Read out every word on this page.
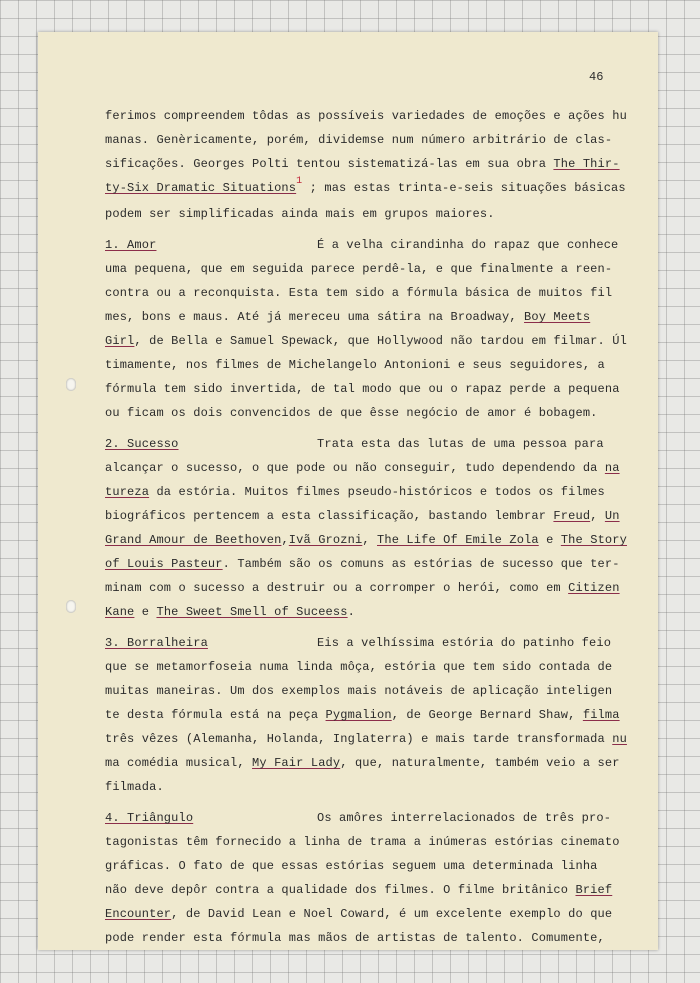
46
ferimos compreendem tôdas as possíveis variedades de emoções e ações hu
manas. Genèricamente, porém, dividemse num número arbitrário de clas-
sificações. Georges Polti tentou sistematizá-las em sua obra The Thir-
ty-Six Dramatic Situations$^1$ ; mas estas trinta-e-seis situações básicas
podem ser simplificadas ainda mais em grupos maiores.
1. Amor	É a velha cirandinha do rapaz que conhece
uma pequena, que em seguida parece perdê-la, e que finalmente a reen-
contra ou a reconquista. Esta tem sido a fórmula básica de muitos fil
mes, bons e maus. Até já mereceu uma sátira na Broadway, Boy Meets
Girl, de Bella e Samuel Spewack, que Hollywood não tardou em filmar. Úl
timamente, nos filmes de Michelangelo Antonioni e seus seguidores, a
fórmula tem sido invertida, de tal modo que ou o rapaz perde a pequena
ou ficam os dois convencidos de que êsse negócio de amor é bobagem.
2. Sucesso	Trata esta das lutas de uma pessoa para
alcançar o sucesso, o que pode ou não conseguir, tudo dependendo da na
tureza da estória. Muitos filmes pseudo-históricos e todos os filmes
biográficos pertencem a esta classificação, bastando lembrar Freud, Un
Grand Amour de Beethoven,Ivã Grozni, The Life Of Emile Zola e The Story
of Louis Pasteur. Também são os comuns as estórias de sucesso que ter-
minam com o sucesso a destruir ou a corromper o herói, como em Citizen
Kane e The Sweet Smell of Suceess.
3. Borralheira	Eis a velhíssima estória do patinho feio
que se metamorfoseia numa linda môça, estória que tem sido contada de
muitas maneiras. Um dos exemplos mais notáveis de aplicação inteligen
te desta fórmula está na peça Pygmalion, de George Bernard Shaw, filma
três vêzes (Alemanha, Holanda, Inglaterra) e mais tarde transformada nu
ma comédia musical, My Fair Lady, que, naturalmente, também veio a ser
filmada.
4. Triângulo	Os amôres interrelacionados de três pro-
tagonistas têm fornecido a linha de trama a inúmeras estórias cinemato
gráficas. O fato de que essas estórias seguem uma determinada linha
não deve depôr contra a qualidade dos filmes. O filme britânico Brief
Encounter, de David Lean e Noel Coward, é um excelente exemplo do que
pode render esta fórmula mas mãos de artistas de talento. Comumente,
